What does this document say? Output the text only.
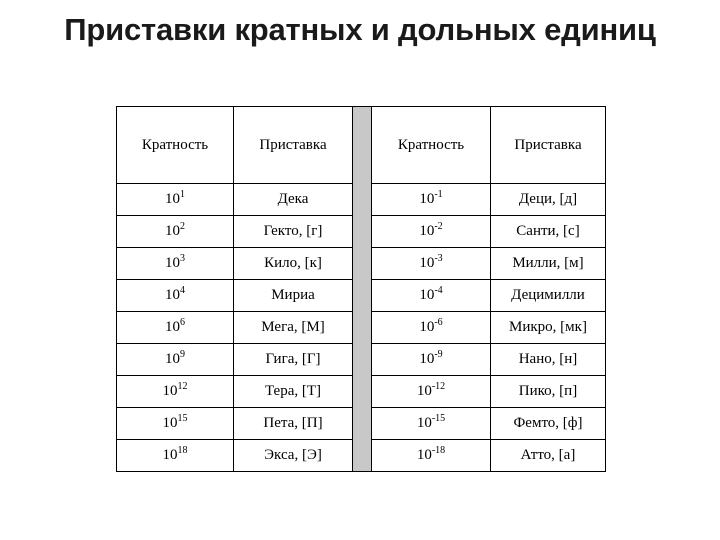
Приставки кратных и дольных единиц
Кратность	Приставка		Кратность	Приставка
$10^1$	Дека		$10^{-1}$	Деци, [д]
$10^2$	Гекто, [г]		$10^{-2}$	Санти, [с]
$10^3$	Кило, [к]		$10^{-3}$	Милли, [м]
$10^4$	Мириа		$10^{-4}$	Децимилли
$10^6$	Мега, [М]		$10^{-6}$	Микро, [мк]
$10^9$	Гига, [Г]		$10^{-9}$	Нано, [н]
$10^{12}$	Тера, [Т]		$10^{-12}$	Пико, [п]
$10^{15}$	Пета, [П]		$10^{-15}$	Фемто, [ф]
$10^{18}$	Экса, [Э]		$10^{-18}$	Атто, [а]
